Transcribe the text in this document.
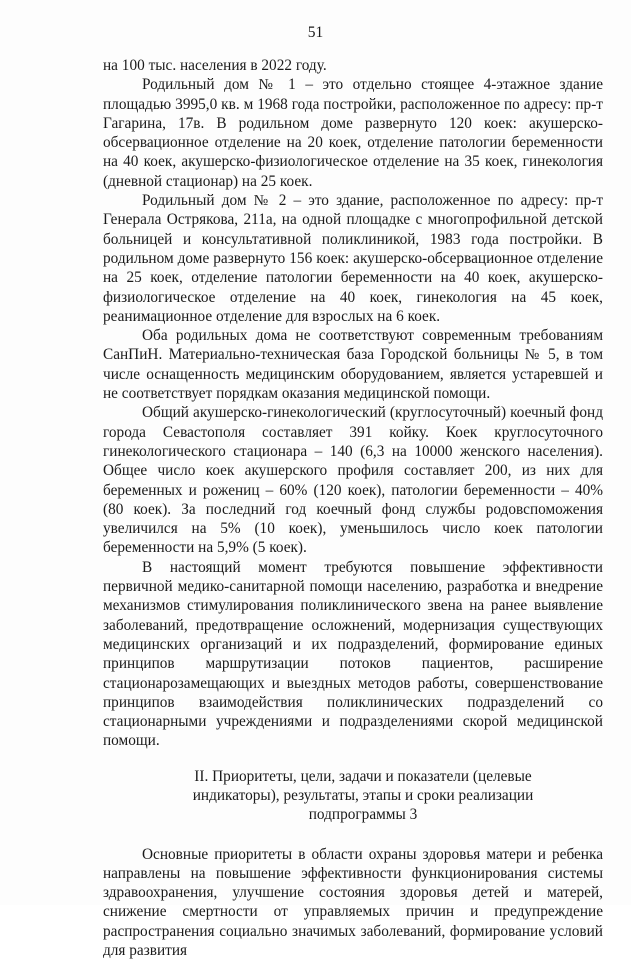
51

на 100 тыс. населения в 2022 году.

Родильный дом № 1 – это отдельно стоящее 4-этажное здание площадью 3995,0 кв. м 1968 года постройки, расположенное по адресу: пр-т Гагарина, 17в. В родильном доме развернуто 120 коек: акушерско-обсервационное отделение на 20 коек, отделение патологии беременности на 40 коек, акушерско-физиологическое отделение на 35 коек, гинекология (дневной стационар) на 25 коек.

Родильный дом № 2 – это здание, расположенное по адресу: пр-т Генерала Острякова, 211а, на одной площадке с многопрофильной детской больницей и консультативной поликлиникой, 1983 года постройки. В родильном доме развернуто 156 коек: акушерско-обсервационное отделение на 25 коек, отделение патологии беременности на 40 коек, акушерско-физиологическое отделение на 40 коек, гинекология на 45 коек, реанимационное отделение для взрослых на 6 коек.

Оба родильных дома не соответствуют современным требованиям СанПиН. Материально-техническая база Городской больницы № 5, в том числе оснащенность медицинским оборудованием, является устаревшей и не соответствует порядкам оказания медицинской помощи.

Общий акушерско-гинекологический (круглосуточный) коечный фонд города Севастополя составляет 391 койку. Коек круглосуточного гинекологического стационара – 140 (6,3 на 10000 женского населения). Общее число коек акушерского профиля составляет 200, из них для беременных и рожениц – 60% (120 коек), патологии беременности – 40% (80 коек). За последний год коечный фонд службы родовспоможения увеличился на 5% (10 коек), уменьшилось число коек патологии беременности на 5,9% (5 коек).

В настоящий момент требуются повышение эффективности первичной медико-санитарной помощи населению, разработка и внедрение механизмов стимулирования поликлинического звена на ранее выявление заболеваний, предотвращение осложнений, модернизация существующих медицинских организаций и их подразделений, формирование единых принципов маршрутизации потоков пациентов, расширение стационарозамещающих и выездных методов работы, совершенствование принципов взаимодействия поликлинических подразделений со стационарными учреждениями и подразделениями скорой медицинской помощи.

II. Приоритеты, цели, задачи и показатели (целевые
индикаторы), результаты, этапы и сроки реализации
подпрограммы 3

Основные приоритеты в области охраны здоровья матери и ребенка направлены на повышение эффективности функционирования системы здравоохранения, улучшение состояния здоровья детей и матерей, снижение смертности от управляемых причин и предупреждение распространения социально значимых заболеваний, формирование условий для развития
